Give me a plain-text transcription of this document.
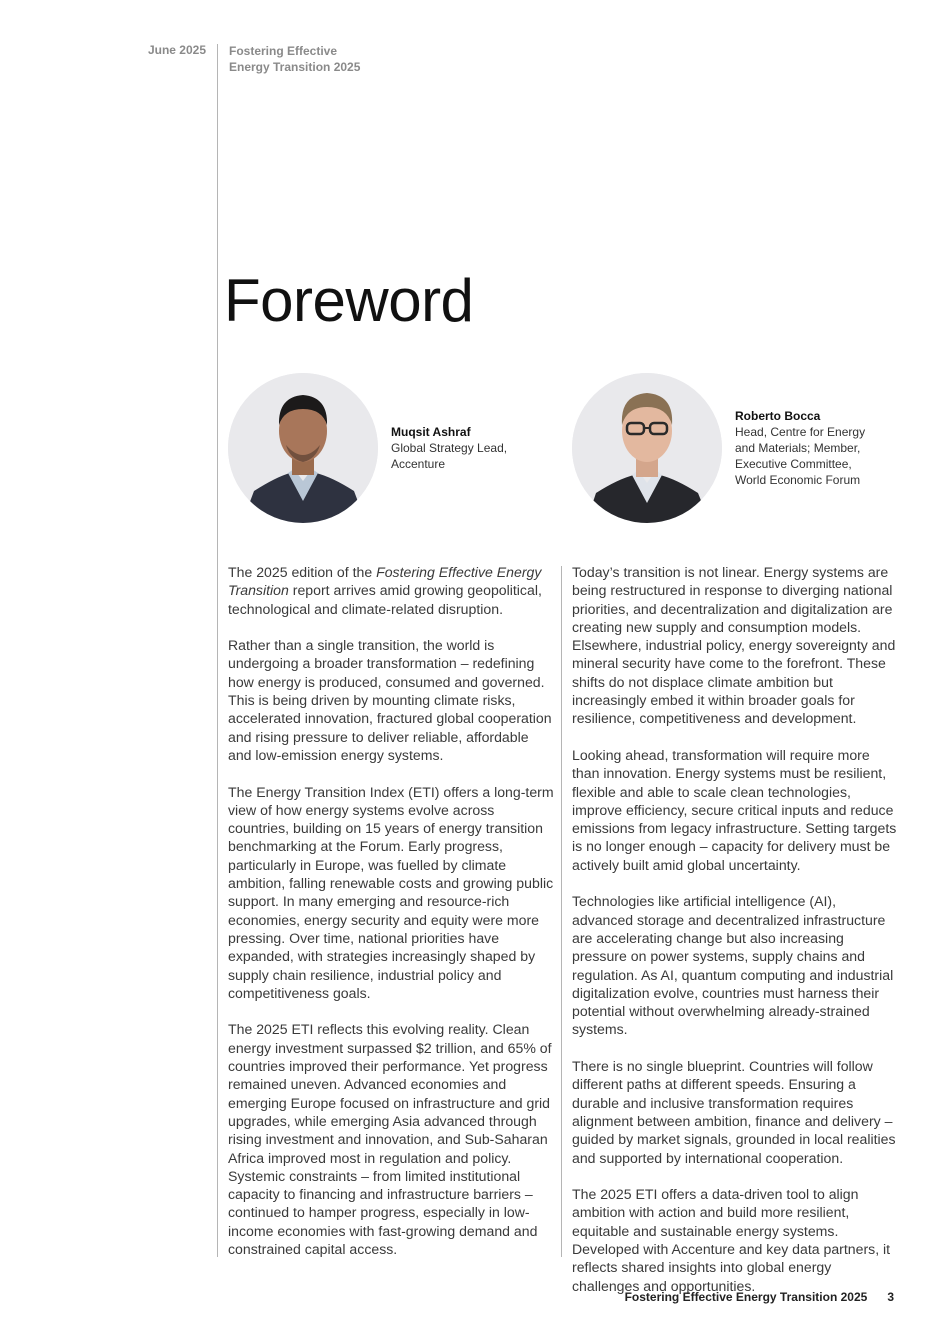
June 2025 Fostering Effective
Energy Transition 2025
Foreword
Muqsit Ashraf
Global Strategy Lead,
Accenture
Roberto Bocca
Head, Centre for Energy
and Materials; Member,
Executive Committee,
World Economic Forum

The 2025 edition of the Fostering Effective Energy Transition report arrives amid growing geopolitical, technological and climate-related disruption.

Rather than a single transition, the world is undergoing a broader transformation – redefining how energy is produced, consumed and governed. This is being driven by mounting climate risks, accelerated innovation, fractured global cooperation and rising pressure to deliver reliable, affordable and low-emission energy systems.

The Energy Transition Index (ETI) offers a long-term view of how energy systems evolve across countries, building on 15 years of energy transition benchmarking at the Forum. Early progress, particularly in Europe, was fuelled by climate ambition, falling renewable costs and growing public support. In many emerging and resource-rich economies, energy security and equity were more pressing. Over time, national priorities have expanded, with strategies increasingly shaped by supply chain resilience, industrial policy and competitiveness goals.

The 2025 ETI reflects this evolving reality. Clean energy investment surpassed $2 trillion, and 65% of countries improved their performance. Yet progress remained uneven. Advanced economies and emerging Europe focused on infrastructure and grid upgrades, while emerging Asia advanced through rising investment and innovation, and Sub-Saharan Africa improved most in regulation and policy. Systemic constraints – from limited institutional capacity to financing and infrastructure barriers – continued to hamper progress, especially in low-income economies with fast-growing demand and constrained capital access.

Today’s transition is not linear. Energy systems are being restructured in response to diverging national priorities, and decentralization and digitalization are creating new supply and consumption models. Elsewhere, industrial policy, energy sovereignty and mineral security have come to the forefront. These shifts do not displace climate ambition but increasingly embed it within broader goals for resilience, competitiveness and development.

Looking ahead, transformation will require more than innovation. Energy systems must be resilient, flexible and able to scale clean technologies, improve efficiency, secure critical inputs and reduce emissions from legacy infrastructure. Setting targets is no longer enough – capacity for delivery must be actively built amid global uncertainty.

Technologies like artificial intelligence (AI), advanced storage and decentralized infrastructure are accelerating change but also increasing pressure on power systems, supply chains and regulation. As AI, quantum computing and industrial digitalization evolve, countries must harness their potential without overwhelming already-strained systems.

There is no single blueprint. Countries will follow different paths at different speeds. Ensuring a durable and inclusive transformation requires alignment between ambition, finance and delivery – guided by market signals, grounded in local realities and supported by international cooperation.

The 2025 ETI offers a data-driven tool to align ambition with action and build more resilient, equitable and sustainable energy systems. Developed with Accenture and key data partners, it reflects shared insights into global energy challenges and opportunities.

Fostering Effective Energy Transition 2025 3
